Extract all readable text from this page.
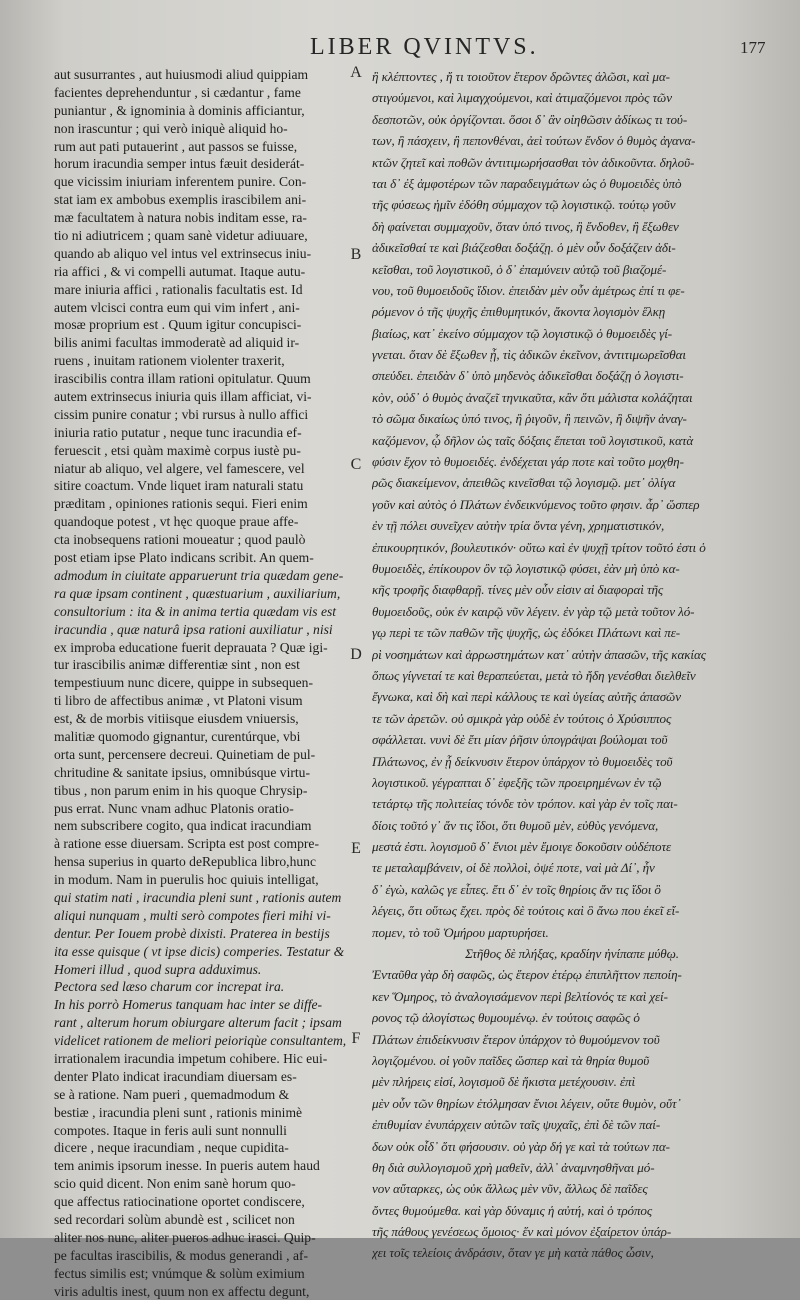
LIBER QVINTVS.	177
aut susurrantes , aut huiusmodi aliud quippiam
facientes deprehenduntur , si cædantur , fame
puniantur , & ignominia à dominis afficiantur,
non irascuntur ; qui verò iniquè aliquid ho-
rum aut pati putauerint , aut passos se fuisse,
horum iracundia semper intus fæuit desiderát-
que vicissim iniuriam inferentem punire. Con-
stat iam ex ambobus exemplis irascibilem ani-
mæ facultatem à natura nobis inditam esse, ra-
tio ni adiutricem ; quam sanè videtur adiuuare,
quando ab aliquo vel intus vel extrinsecus iniu-
ria affici , & vi compelli autumat. Itaque autu-
mare iniuria affici , rationalis facultatis est. Id
autem vlcisci contra eum qui vim infert , ani-
mosæ proprium est . Quum igitur concupisci-
bilis animi facultas immoderatè ad aliquid ir-
ruens , inuitam rationem violenter traxerit,
irascibilis contra illam rationi opitulatur. Quum
autem extrinsecus iniuria quis illam afficiat, vi-
cissim punire conatur ; vbi rursus à nullo affici
iniuria ratio putatur , neque tunc iracundia ef-
feruescit , etsi quàm maximè corpus iustè pu-
niatur ab aliquo, vel algere, vel famescere, vel
sitire coactum. Vnde liquet iram naturali statu
præditam , opiniones rationis sequi. Fieri enim
quandoque potest , vt hęc quoque praue affe-
cta inobsequens rationi moueatur ; quod paulò
post etiam ipse Plato indicans scribit. An quem-
admodum in ciuitate apparuerunt tria quædam gene-
ra quæ ipsam continent , quæstuarium , auxiliarium,
consultorium : ita & in anima tertia quædam vis est
iracundia , quæ naturâ ipsa rationi auxiliatur , nisi
ex improba educatione fuerit deprauata ? Quæ igi-
tur irascibilis animæ differentiæ sint , non est
tempestiuum nunc dicere, quippe in subsequen-
ti libro de affectibus animæ , vt Platoni visum
est, & de morbis vitiisque eiusdem vniuersis,
malitiæ quomodo gignantur, curentúrque, vbi
orta sunt, percensere decreui. Quinetiam de pul-
chritudine & sanitate ipsius, omnibúsque virtu-
tibus , non parum enim in his quoque Chrysip-
pus errat. Nunc vnam adhuc Platonis oratio-
nem subscribere cogito, qua indicat iracundiam
à ratione esse diuersam. Scripta est post compre-
hensa superius in quarto deRepublica libro,hunc
in modum. Nam in puerulis hoc quiuis intelligat,
qui statim nati , iracundia pleni sunt , rationis autem
aliqui nunquam , multi serò compotes fieri mihi vi-
dentur. Per Iouem probè dixisti. Praterea in bestijs
ita esse quisque ( vt ipse dicis) comperies. Testatur &
Homeri illud , quod supra adduximus.
Pectora sed læso charum cor increpat ira.
In his porrò Homerus tanquam hac inter se diffe-
rant , alterum horum obiurgare alterum facit ; ipsam
videlicet rationem de meliori peioriqùe consultantem,
irrationalem iracundia impetum cohibere. Hic eui-
denter Plato indicat iracundiam diuersam es-
se à ratione. Nam pueri , quemadmodum &
bestiæ , iracundia pleni sunt , rationis minimè
compotes. Itaque in feris auli sunt nonnulli
dicere , neque iracundiam , neque cupidita-
tem animis ipsorum inesse. In pueris autem haud
scio quid dicent. Non enim sanè horum quo-
que affectus ratiocinatione oportet condiscere,
sed recordari solùm abundè est , scilicet non
aliter nos nunc, aliter pueros adhuc irasci. Quip-
pe facultas irascibilis, & modus generandi , af-
fectus similis est; vnúmque & solùm eximium
viris adultis inest, quum non ex affectu degunt,
A
B
C
D
E
F
ἢ κλέπτοντες , ἤ τι τοιοῦτον ἕτερον δρῶντες ἁλῶσι, καὶ μα-
στιγούμενοι, καὶ λιμαγχούμενοι, καὶ ἀτιμαζόμενοι πρὸς τῶν
δεσποτῶν, οὐκ ὀργίζονται. ὅσοι δ᾽ ἂν οἰηθῶσιν ἀδίκως τι τού-
των, ἢ πάσχειν, ἢ πεπονθέναι, ἀεὶ τούτων ἔνδον ὁ θυμὸς ἀγανα-
κτῶν ζητεῖ καὶ ποθῶν ἀντιτιμωρήσασθαι τὸν ἀδικοῦντα. δηλοῦ-
ται δ᾽ ἐξ ἀμφοτέρων τῶν παραδειγμάτων ὡς ὁ θυμοειδὲς ὑπὸ
τῆς φύσεως ἡμῖν ἐδόθη σύμμαχον τῷ λογιστικῷ. τούτῳ γοῦν
δὴ φαίνεται συμμαχοῦν, ὅταν ὑπό τινος, ἢ ἔνδοθεν, ἢ ἔξωθεν
ἀδικεῖσθαί τε καὶ βιάζεσθαι δοξάζῃ. ὁ μὲν οὖν δοξάζειν ἀδι-
κεῖσθαι, τοῦ λογιστικοῦ, ὁ δ᾽ ἐπαμύνειν αὐτῷ τοῦ βιαζομέ-
νου, τοῦ θυμοειδοῦς ἴδιον. ἐπειδὰν μὲν οὖν ἀμέτρως ἐπί τι φε-
ρόμενον ὁ τῆς ψυχῆς ἐπιθυμητικόν, ἄκοντα λογισμὸν ἕλκῃ
βιαίως, κατ᾽ ἐκείνο σύμμαχον τῷ λογιστικῷ ὁ θυμοειδὲς γί-
γνεται. ὅταν δὲ ἔξωθεν ᾖ, τὶς ἀδικῶν ἐκεῖνον, ἀντιτιμωρεῖσθαι
σπεύδει. ἐπειδὰν δ᾽ ὑπὸ μηδενὸς ἀδικεῖσθαι δοξάζῃ ὁ λογιστι-
κὸν, οὐδ᾽ ὁ θυμὸς ἀναζεῖ τηνικαῦτα, κἂν ὅτι μάλιστα κολάζηται
τὸ σῶμα δικαίως ὑπό τινος, ἢ ῥιγοῦν, ἢ πεινῶν, ἢ διψῆν ἀναγ-
καζόμενον, ᾧ δῆλον ὡς ταῖς δόξαις ἕπεται τοῦ λογιστικοῦ, κατὰ
φύσιν ἔχον τὸ θυμοειδές. ἐνδέχεται γάρ ποτε καὶ τοῦτο μοχθη-
ρῶς διακείμενον, ἀπειθῶς κινεῖσθαι τῷ λογισμῷ. μετ᾽ ὀλίγα
γοῦν καὶ αὐτὸς ὁ Πλάτων ἐνδεικνύμενος τοῦτο φησιν. ἆρ᾽ ὥσπερ
ἐν τῇ πόλει συνεῖχεν αὐτὴν τρία ὄντα γένη, χρηματιστικόν,
ἐπικουρητικόν, βουλευτικόν· οὕτω καὶ ἐν ψυχῇ τρίτον τοῦτό ἐστι ὁ
θυμοειδὲς, ἐπίκουρον ὂν τῷ λογιστικῷ φύσει, ἐὰν μὴ ὑπὸ κα-
κῆς τροφῆς διαφθαρῇ. τίνες μὲν οὖν εἰσιν αἱ διαφοραὶ τῆς
θυμοειδοῦς, οὐκ ἐν καιρῷ νῦν λέγειν. ἐν γὰρ τῷ μετὰ τοῦτον λό-
γῳ περὶ τε τῶν παθῶν τῆς ψυχῆς, ὡς ἐδόκει Πλάτωνι καὶ πε-
ρὶ νοσημάτων καὶ ἀρρωστημάτων κατ᾽ αὐτὴν ἁπασῶν, τῆς κακίας
ὅπως γίγνεταί τε καὶ θεραπεύεται, μετὰ τὸ ἤδη γενέσθαι διελθεῖν
ἔγνωκα, καὶ δὴ καὶ περὶ κάλλους τε καὶ ὑγείας αὐτῆς ἁπασῶν
τε τῶν ἀρετῶν. οὐ σμικρὰ γὰρ οὐδὲ ἐν τούτοις ὁ Χρύσιππος
σφάλλεται. νυνὶ δὲ ἔτι μίαν ῥῆσιν ὑπογράψαι βούλομαι τοῦ
Πλάτωνος, ἐν ᾗ δείκνυσιν ἕτερον ὑπάρχον τὸ θυμοειδὲς τοῦ
λογιστικοῦ. γέγραπται δ᾽ ἐφεξῆς τῶν προειρημένων ἐν τῷ
τετάρτῳ τῆς πολιτείας τόνδε τὸν τρόπον. καὶ γὰρ ἐν τοῖς παι-
δίοις τοῦτό γ᾽ ἄν τις ἴδοι, ὅτι θυμοῦ μὲν, εὐθὺς γενόμενα,
μεστά ἐστι. λογισμοῦ δ᾽ ἔνιοι μὲν ἔμοιγε δοκοῦσιν οὐδέποτε
τε μεταλαμβάνειν, οἱ δὲ πολλοὶ, ὀψέ ποτε, ναὶ μὰ Δί᾽, ἦν
δ᾽ ἐγὼ, καλῶς γε εἶπες. ἔτι δ᾽ ἐν τοῖς θηρίοις ἄν τις ἴδοι ὃ
λέγεις, ὅτι οὕτως ἔχει. πρὸς δὲ τούτοις καὶ ὃ ἄνω που ἐκεῖ εἴ-
πομεν, τὸ τοῦ Ὁμήρου μαρτυρήσει.
Στῆθος δὲ πλήξας, κραδίην ἠνίπαπε μύθῳ.
Ἐνταῦθα γὰρ δὴ σαφῶς, ὡς ἕτερον ἑτέρῳ ἐπιπλῆττον πεποίη-
κεν Ὅμηρος, τὸ ἀναλογισάμενον περὶ βελτίονός τε καὶ χεί-
ρονος τῷ ἀλογίστως θυμουμένῳ. ἐν τούτοις σαφῶς ὁ
Πλάτων ἐπιδείκνυσιν ἕτερον ὑπάρχον τὸ θυμούμενον τοῦ
λογιζομένου. οἱ γοῦν παῖδες ὥσπερ καὶ τὰ θηρία θυμοῦ
μὲν πλήρεις εἰσί, λογισμοῦ δὲ ἥκιστα μετέχουσιν. ἐπὶ
μὲν οὖν τῶν θηρίων ἐτόλμησαν ἔνιοι λέγειν, οὔτε θυμὸν, οὔτ᾽
ἐπιθυμίαν ἐνυπάρχειν αὐτῶν ταῖς ψυχαῖς, ἐπὶ δὲ τῶν παί-
δων οὐκ οἶδ᾽ ὅτι φήσουσιν. οὐ γὰρ δή γε καὶ τὰ τούτων πα-
θη διὰ συλλογισμοῦ χρὴ μαθεῖν, ἀλλ᾽ ἀναμνησθῆναι μό-
νον αὔταρκες, ὡς οὐκ ἄλλως μὲν νῦν, ἄλλως δὲ παῖδες
ὄντες θυμούμεθα. καὶ γὰρ δύναμις ἡ αὐτή, καὶ ὁ τρόπος
τῆς πάθους γενέσεως ὅμοιος· ἕν καὶ μόνον ἐξαίρετον ὑπάρ-
χει τοῖς τελείοις ἀνδράσιν, ὅταν γε μὴ κατὰ πάθος ὦσιν,
